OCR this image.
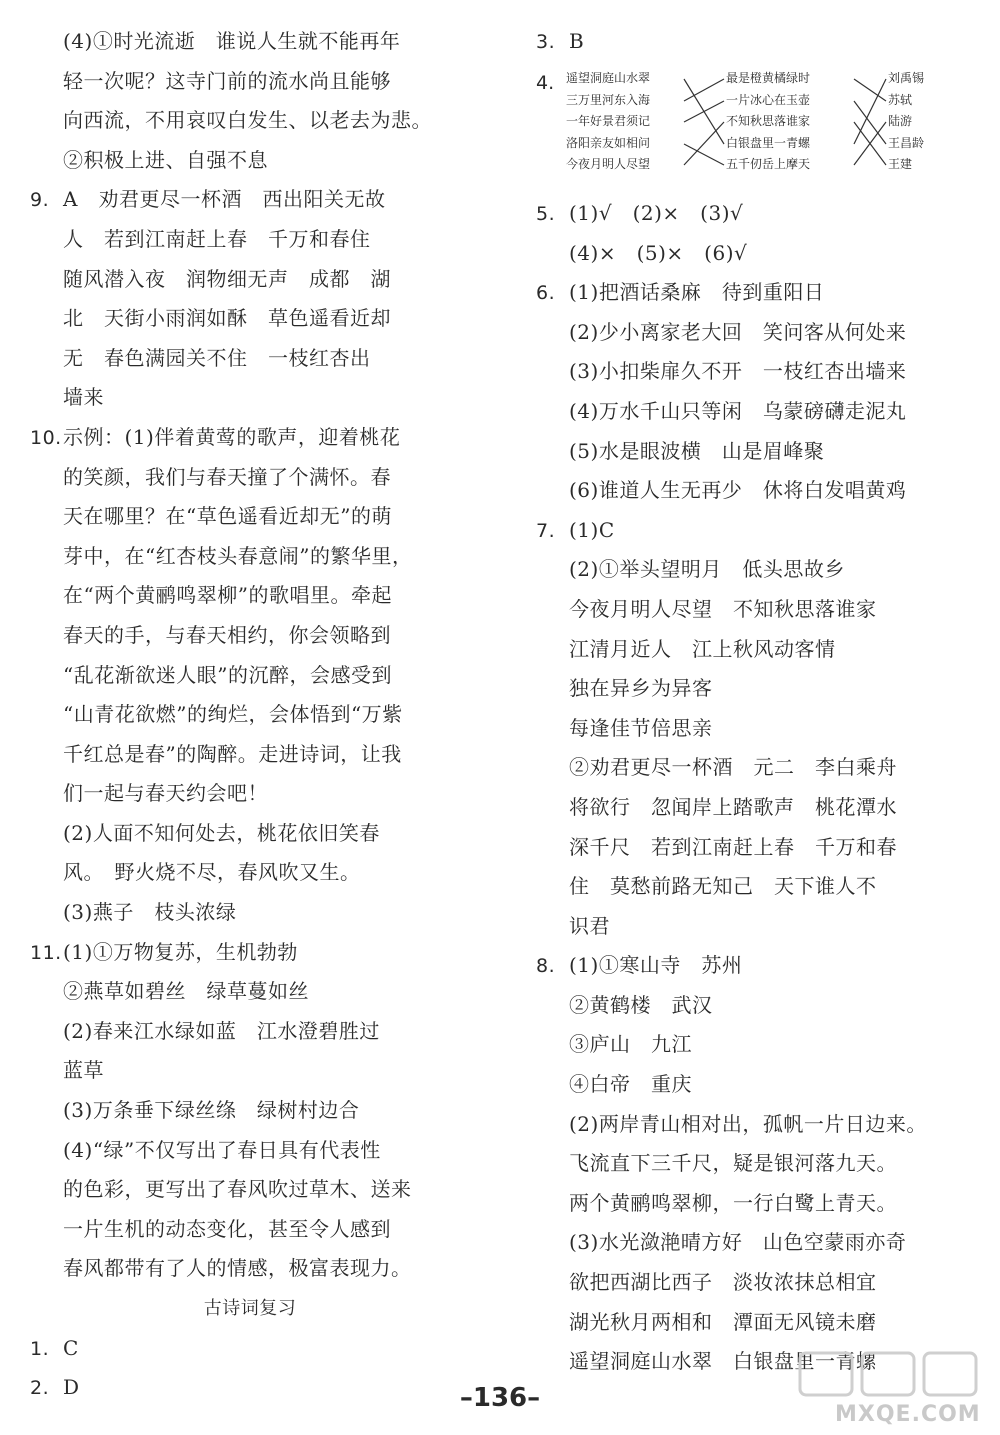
(4)①时光流逝　谁说人生就不能再年
轻一次呢？这寺门前的流水尚且能够
向西流，不用哀叹白发生、以老去为悲。
②积极上进、自强不息
9. A　劝君更尽一杯酒　西出阳关无故
人　若到江南赶上春　千万和春住
随风潜入夜　润物细无声　成都　湖
北　天街小雨润如酥　草色遥看近却
无　春色满园关不住　一枝红杏出
墙来
10.示例：(1)伴着黄莺的歌声，迎着桃花
的笑颜，我们与春天撞了个满怀。春
天在哪里？在“草色遥看近却无”的萌
芽中，在“红杏枝头春意闹”的繁华里，
在“两个黄鹂鸣翠柳”的歌唱里。牵起
春天的手，与春天相约，你会领略到
“乱花渐欲迷人眼”的沉醉，会感受到
“山青花欲燃”的绚烂，会体悟到“万紫
千红总是春”的陶醉。走进诗词，让我
们一起与春天约会吧！
(2)人面不知何处去，桃花依旧笑春
风。　野火烧不尽，春风吹又生。
(3)燕子　枝头浓绿
11.(1)①万物复苏，生机勃勃
②燕草如碧丝　绿草蔓如丝
(2)春来江水绿如蓝　江水澄碧胜过
蓝草
(3)万条垂下绿丝绦　绿树村边合
(4)“绿”不仅写出了春日具有代表性
的色彩，更写出了春风吹过草木、送来
一片生机的动态变化，甚至令人感到
春风都带有了人的情感，极富表现力。
古诗词复习
1. C
2. D
3. B
4. 遥望洞庭山水翠
三万里河东入海
一年好景君须记
洛阳亲友如相问
今夜月明人尽望
最是橙黄橘绿时
一片冰心在玉壶
不知秋思落谁家
白银盘里一青螺
五千仞岳上摩天
刘禹锡
苏轼
陆游
王昌龄
王建
5. (1)√　(2)×　(3)√
(4)×　(5)×　(6)√
6. (1)把酒话桑麻　待到重阳日
(2)少小离家老大回　笑问客从何处来
(3)小扣柴扉久不开　一枝红杏出墙来
(4)万水千山只等闲　乌蒙磅礴走泥丸
(5)水是眼波横　山是眉峰聚
(6)谁道人生无再少　休将白发唱黄鸡
7. (1)C
(2)①举头望明月　低头思故乡
今夜月明人尽望　不知秋思落谁家
江清月近人　江上秋风动客情
独在异乡为异客
每逢佳节倍思亲
②劝君更尽一杯酒　元二　李白乘舟
将欲行　忽闻岸上踏歌声　桃花潭水
深千尺　若到江南赶上春　千万和春
住　莫愁前路无知己　天下谁人不
识君
8. (1)①寒山寺　苏州
②黄鹤楼　武汉
③庐山　九江
④白帝　重庆
(2)两岸青山相对出，孤帆一片日边来。
飞流直下三千尺，疑是银河落九天。
两个黄鹂鸣翠柳，一行白鹭上青天。
(3)水光潋滟晴方好　山色空蒙雨亦奇
欲把西湖比西子　淡妆浓抹总相宜
湖光秋月两相和　潭面无风镜未磨
遥望洞庭山水翠　白银盘里一青螺
–136–
MXQE.COM
